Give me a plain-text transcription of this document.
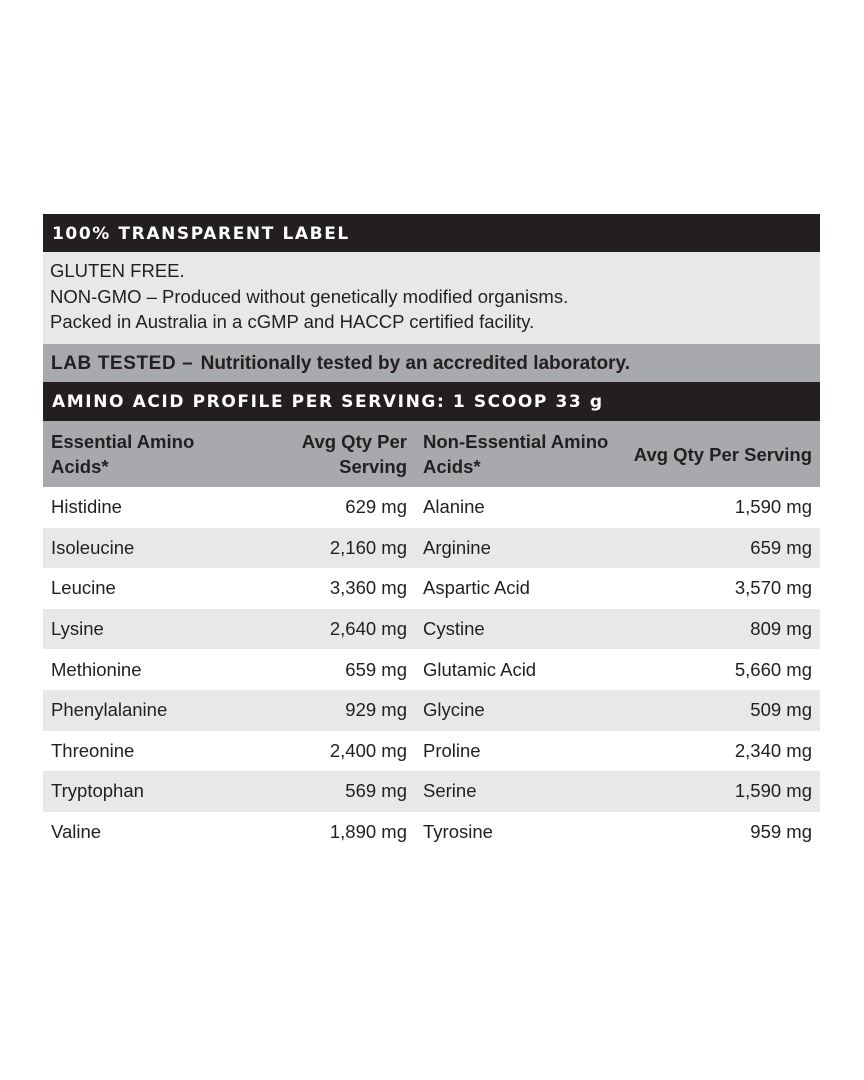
100% TRANSPARENT LABEL
GLUTEN FREE.
NON-GMO – Produced without genetically modified organisms.
Packed in Australia in a cGMP and HACCP certified facility.
LAB TESTED – Nutritionally tested by an accredited laboratory.
AMINO ACID PROFILE PER SERVING: 1 SCOOP 33 g
Essential Amino Acids*	Avg Qty Per Serving	Non-Essential Amino Acids*	Avg Qty Per Serving
Histidine	629 mg	Alanine	1,590 mg
Isoleucine	2,160 mg	Arginine	659 mg
Leucine	3,360 mg	Aspartic Acid	3,570 mg
Lysine	2,640 mg	Cystine	809 mg
Methionine	659 mg	Glutamic Acid	5,660 mg
Phenylalanine	929 mg	Glycine	509 mg
Threonine	2,400 mg	Proline	2,340 mg
Tryptophan	569 mg	Serine	1,590 mg
Valine	1,890 mg	Tyrosine	959 mg
